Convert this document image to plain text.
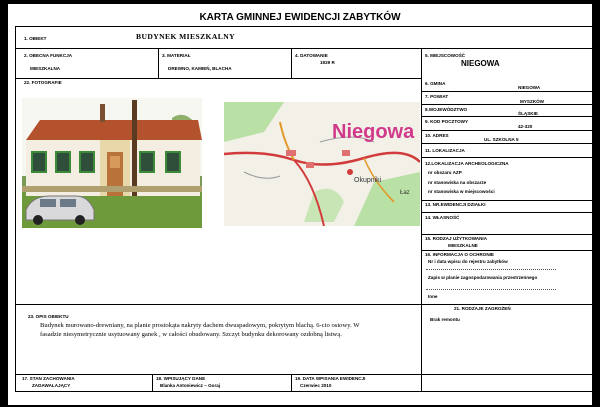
KARTA GMINNEJ EWIDENCJI ZABYTKÓW
1. OBIEKT	BUDYNEK MIESZKALNY
2. OBECNA FUNKCJA
MIESZKALNA
3. MATERIAŁ
DREWNO, KAMIEŃ, BLACHA
4. DATOWANIE
1929 R
5. MIEJSCOWOŚĆ
NIEGOWA
22. FOTOGRAFIE
Niegowa
Okupniki
Łaz
6. GMINA
NIEGOWA
7. POWIAT
MYSZKÓW
8.WOJEWÓDZTWO
ŚLĄSKIE
9. KOD POCZTOWY
42-320
10. ADRES
UL. SZKOLNA 5
11. LOKALIZACJA
12.LOKALIZACJA ARCHEOLOGICZNA
nr obszaru AZP
nr stanowiska na obszarze
nr stanowiska w miejscowości
13. NR.EWIDENCJI DZIAŁKI
14. WŁASNOŚĆ
15. RODZAJ UŻYTKOWANIA
MIESZKALNE
16. INFORMACJA O OCHRONIE
Nr i data wpisu do rejestru zabytków
Zapis w planie zagospodarowania przestrzennego
Inne
21. RODZAJE ZAGROŻEŃ
Brak remontu
23. OPIS OBIEKTU
Budynek murowano-drewniany, na planie prostokąta nakryty dachem dwuspadowym, pokrytym blachą. 6-cio osiowy. W
fasadzie niesymetrycznie usytuowany ganek , w całości obudowany. Szczyt budynku dekorowany ozdobną listwą.
17. STAN ZACHOWANIA
ZADAWALAJĄCY
18. WPISUJĄCY DANE
Blanka Antoniewicz – Goraj
19. DATA WPISANIA EWIDENCJI
Czerwiec 2010
